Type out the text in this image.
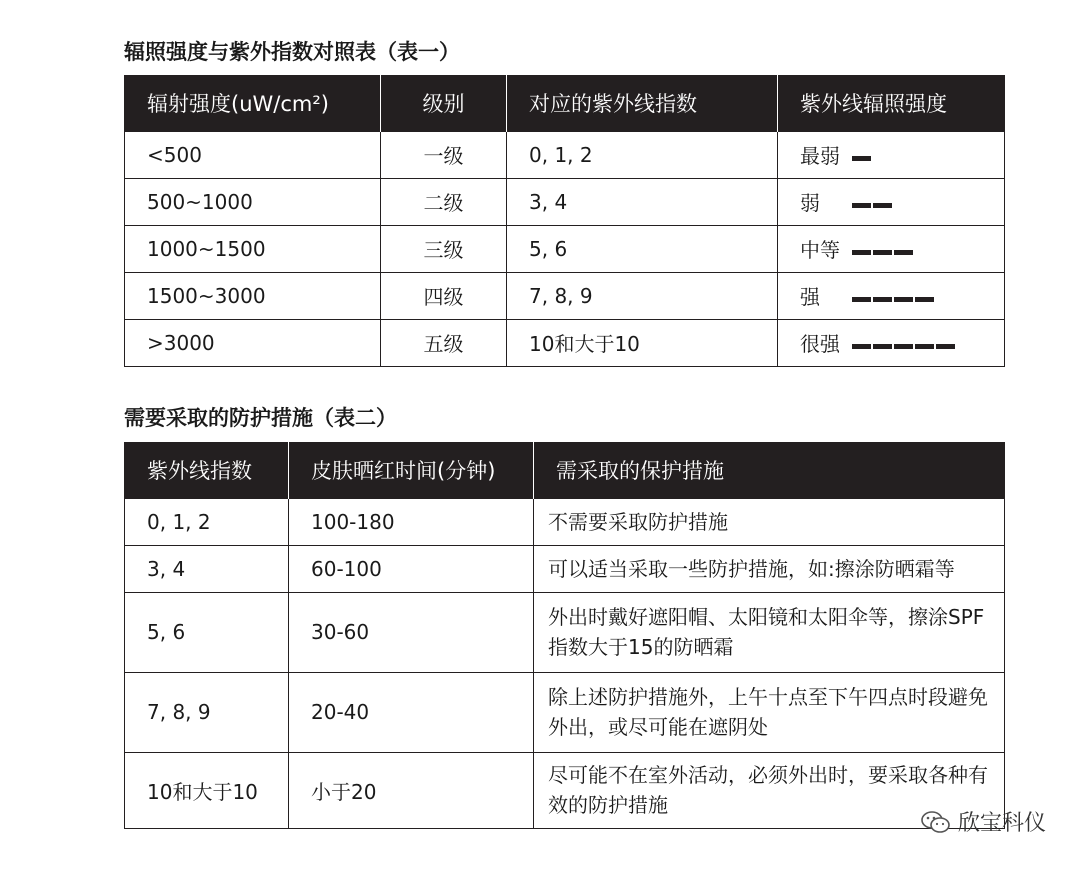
辐照强度与紫外指数对照表（表一）
辐射强度(uW/cm²)	级别	对应的紫外线指数	紫外线辐照强度
<500	一级	0, 1, 2	最弱
500~1000	二级	3, 4	弱
1000~1500	三级	5, 6	中等
1500~3000	四级	7, 8, 9	强
>3000	五级	10和大于10	很强
需要采取的防护措施（表二）
紫外线指数	皮肤晒红时间(分钟)	需采取的保护措施
0, 1, 2	100-180	不需要采取防护措施
3, 4	60-100	可以适当采取一些防护措施，如:擦涂防晒霜等
5, 6	30-60	外出时戴好遮阳帽、太阳镜和太阳伞等，擦涂SPF指数大于15的防晒霜
7, 8, 9	20-40	除上述防护措施外，上午十点至下午四点时段避免外出，或尽可能在遮阴处
10和大于10	小于20	尽可能不在室外活动，必须外出时，要采取各种有效的防护措施
欣宝科仪
